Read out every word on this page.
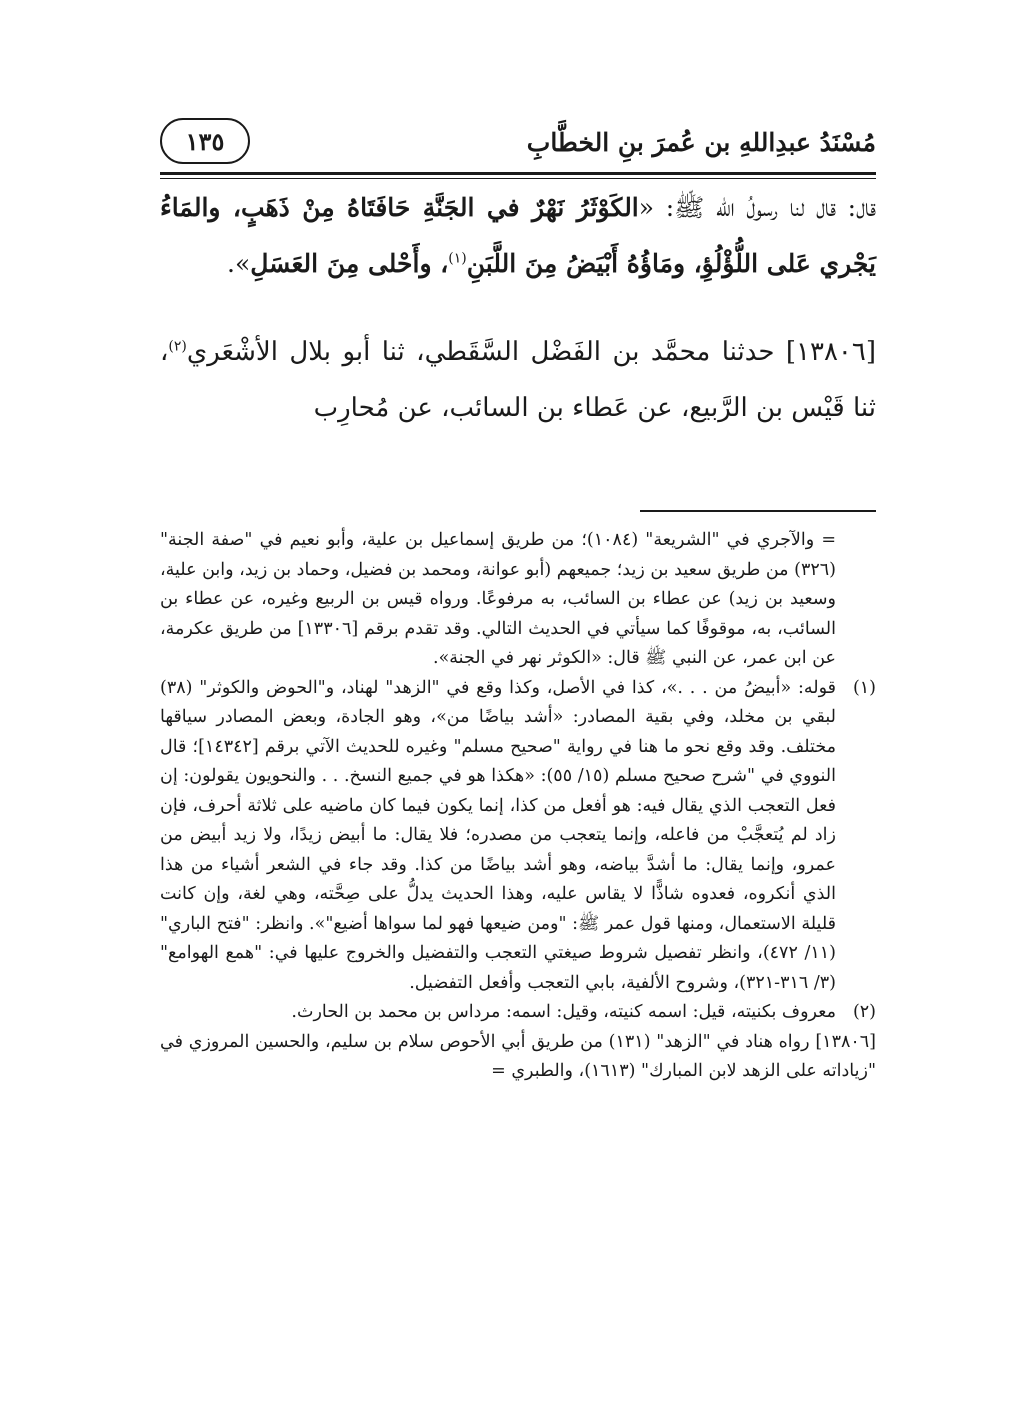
مُسْنَدُ عبدِاللهِ بن عُمرَ بنِ الخطَّابِ
١٣٥

قال: قال لنا رسولُ الله ﷺ: «الكَوْثَرُ نَهْرٌ في الجَنَّةِ حَافَتَاهُ مِنْ ذَهَبٍ، والمَاءُ يَجْري عَلى اللُّؤْلُؤِ، ومَاؤُهُ أَبْيَضُ مِنَ اللَّبَنِ$^{(١)}$، وأَحْلى مِنَ العَسَلِ».

[١٣٨٠٦] حدثنا محمَّد بن الفَضْل السَّقَطي، ثنا أبو بلال الأشْعَري$^{(٢)}$، ثنا قَيْس بن الرَّبيع، عن عَطاء بن السائب، عن مُحارِب

= والآجري في "الشريعة" (١٠٨٤)؛ من طريق إسماعيل بن علية، وأبو نعيم في "صفة الجنة" (٣٢٦) من طريق سعيد بن زيد؛ جميعهم (أبو عوانة، ومحمد بن فضيل، وحماد بن زيد، وابن علية، وسعيد بن زيد) عن عطاء بن السائب، به مرفوعًا. ورواه قيس بن الربيع وغيره، عن عطاء بن السائب، به، موقوفًا كما سيأتي في الحديث التالي. وقد تقدم برقم [١٣٣٠٦] من طريق عكرمة، عن ابن عمر، عن النبي ﷺ قال: «الكوثر نهر في الجنة».

(١)
قوله: «أبيضُ من . . .»، كذا في الأصل، وكذا وقع في "الزهد" لهناد، و"الحوض والكوثر" (٣٨) لبقي بن مخلد، وفي بقية المصادر: «أشد بياضًا من»، وهو الجادة، وبعض المصادر سياقها مختلف. وقد وقع نحو ما هنا في رواية "صحيح مسلم" وغيره للحديث الآتي برقم [١٤٣٤٢]؛ قال النووي في "شرح صحيح مسلم (١٥/ ٥٥): «هكذا هو في جميع النسخ. . . والنحويون يقولون: إن فعل التعجب الذي يقال فيه: هو أفعل من كذا، إنما يكون فيما كان ماضيه على ثلاثة أحرف، فإن زاد لم يُتعجَّبْ من فاعله، وإنما يتعجب من مصدره؛ فلا يقال: ما أبيض زيدًا، ولا زيد أبيض من عمرو، وإنما يقال: ما أشدَّ بياضه، وهو أشد بياضًا من كذا. وقد جاء في الشعر أشياء من هذا الذي أنكروه، فعدوه شاذًّا لا يقاس عليه، وهذا الحديث يدلُّ على صِحَّته، وهي لغة، وإن كانت قليلة الاستعمال، ومنها قول عمر ﷺ: "ومن ضيعها فهو لما سواها أضيع"». وانظر: "فتح الباري" (١١/ ٤٧٢)، وانظر تفصيل شروط صيغتي التعجب والتفضيل والخروج عليها في: "همع الهوامع" (٣/ ٣١٦-٣٢١)، وشروح الألفية، بابي التعجب وأفعل التفضيل.
(٢)
معروف بكنيته، قيل: اسمه كنيته، وقيل: اسمه: مرداس بن محمد بن الحارث.

[١٣٨٠٦] رواه هناد في "الزهد" (١٣١) من طريق أبي الأحوص سلام بن سليم، والحسين المروزي في "زياداته على الزهد لابن المبارك" (١٦١٣)، والطبري =
